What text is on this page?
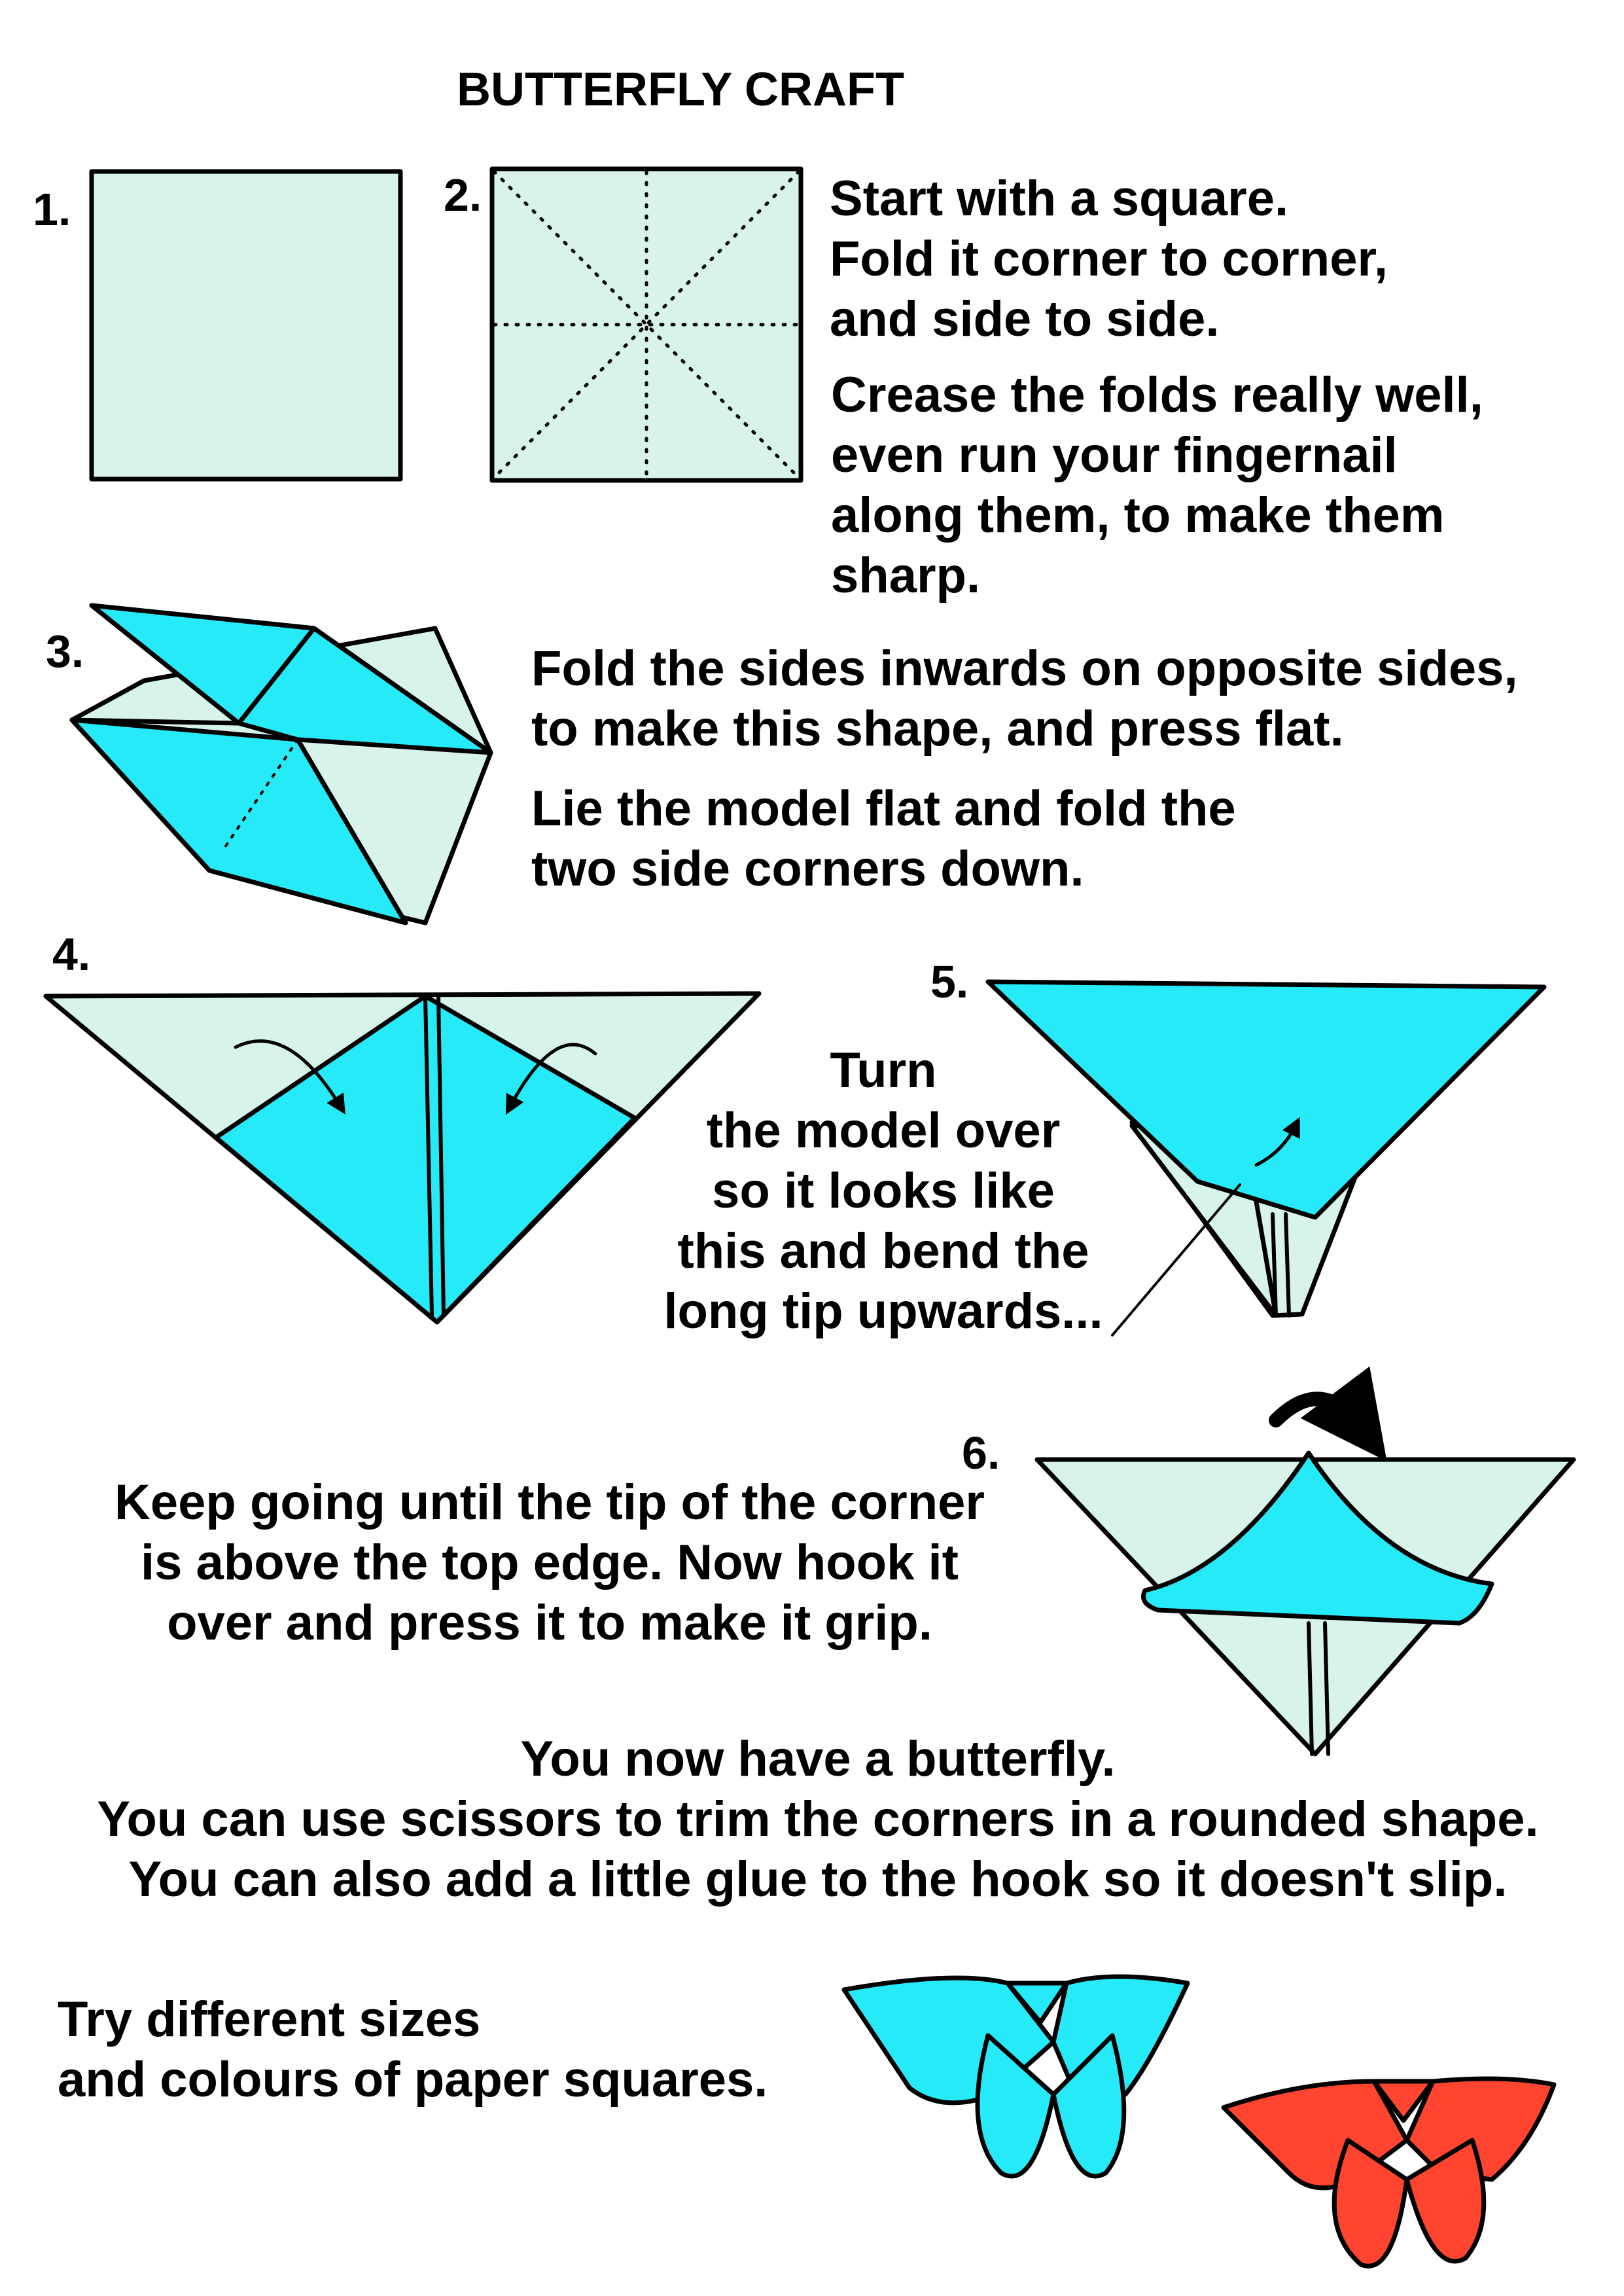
BUTTERFLY CRAFT
1.	2.
3.
4.
5.
6.
Start with a square.
Fold it corner to corner,
and side to side.
Crease the folds really well,
even run your fingernail
along them, to make them
sharp.
Fold the sides inwards on opposite sides,
to make this shape, and press flat.
Lie the model flat and fold the
two side corners down.
Turn
the model over
so it looks like
this and bend the
long tip upwards...
Keep going until the tip of the corner
is above the top edge. Now hook it
over and press it to make it grip.
You now have a butterfly.
You can use scissors to trim the corners in a rounded shape.
You can also add a little glue to the hook so it doesn't slip.
Try different sizes
and colours of paper squares.
